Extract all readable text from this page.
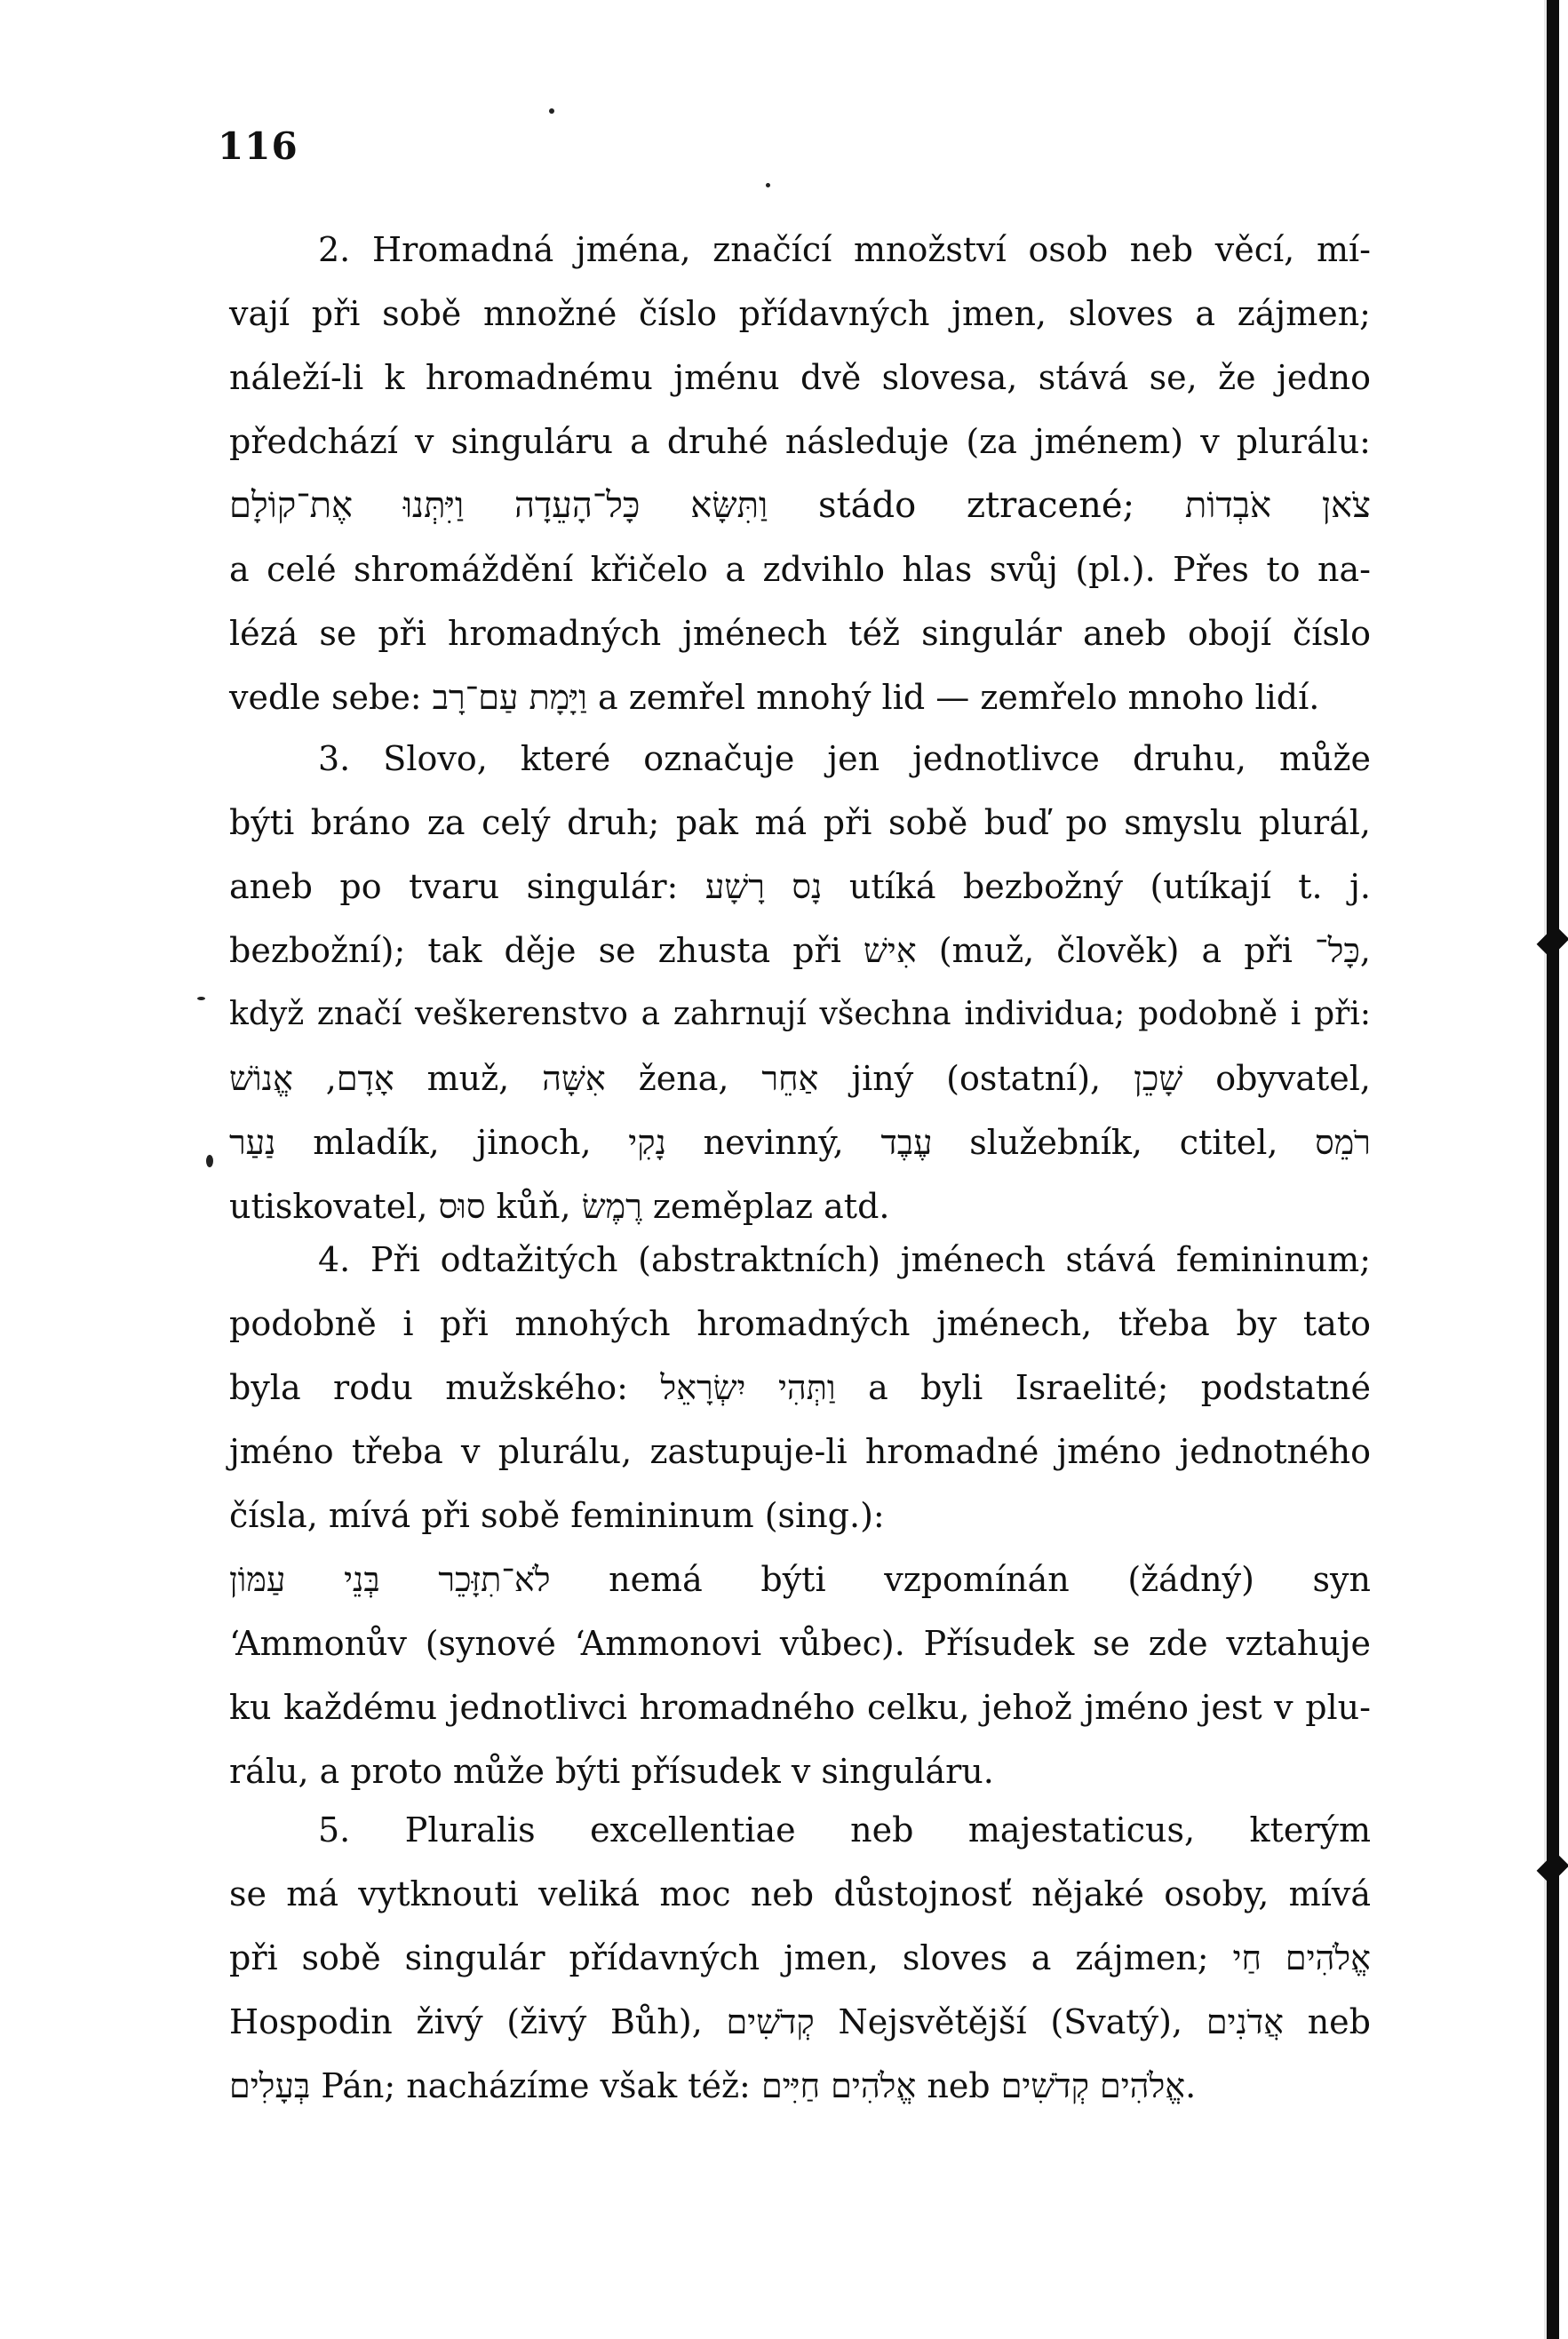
116
2. Hromadná jména, značící množství osob neb věcí, mí-
vají při sobě množné číslo přídavných jmen, sloves a zájmen;
náleží-li k hromadnému jménu dvě slovesa, stává se, že jedno
předchází v singuláru a druhé následuje (za jménem) v plurálu:
וַתִּשָּׂא כָּל־הָעֵדָה וַיִּתְּנוּ אֶת־קוֹלָם stádo ztracené; צֹאן אֹבְדוֹת
a celé shromáždění křičelo a zdvihlo hlas svůj (pl.). Přes to na-
lézá se při hromadných jménech též singulár aneb obojí číslo
vedle sebe: וַיָּמָת עַם־רָב a zemřel mnohý lid — zemřelo mnoho lidí.
3. Slovo, které označuje jen jednotlivce druhu, může
býti bráno za celý druh; pak má při sobě buď po smyslu plurál,
aneb po tvaru singulár: נָס רָשָׁע utíká bezbožný (utíkají t. j.
bezbožní); tak děje se zhusta při אִישׁ (muž, člověk) a při כָּל־,
když značí veškerenstvo a zahrnují všechna individua; podobně i při:
אָדָם, אֱנוֹשׁ muž, אִשָּׁה žena, אַחֵר jiný (ostatní), שָׁכֵן obyvatel,
נַעַר mladík, jinoch, נָקִי nevinný, עֶבֶד služebník, ctitel, רֹמֵס
utiskovatel, סוּס kůň, רֶמֶשׂ zeměplaz atd.
4. Při odtažitých (abstraktních) jménech stává femininum;
podobně i při mnohých hromadných jménech, třeba by tato
byla rodu mužského: וַתְּהִי יִשְׂרָאֵל a byli Israelité; podstatné
jméno třeba v plurálu, zastupuje-li hromadné jméno jednotného
čísla, mívá při sobě femininum (sing.):
לֹא־תִזָּכֵר בְּנֵי עַמּוֹן nemá býti vzpomínán (žádný) syn
‘Ammonův (synové ‘Ammonovi vůbec). Přísudek se zde vztahuje
ku každému jednotlivci hromadného celku, jehož jméno jest v plu-
rálu, a proto může býti přísudek v singuláru.
5. Pluralis excellentiae neb majestaticus, kterým
se má vytknouti veliká moc neb důstojnosť nějaké osoby, mívá
při sobě singulár přídavných jmen, sloves a zájmen; אֱלֹהִים חַי
Hospodin živý (živý Bůh), קְדֹשִׁים Nejsvětější (Svatý), אֲדֹנִים neb
בְּעָלִים Pán; nacházíme však též: אֱלֹהִים חַיִּים neb אֱלֹהִים קְדֹשִׁים.
